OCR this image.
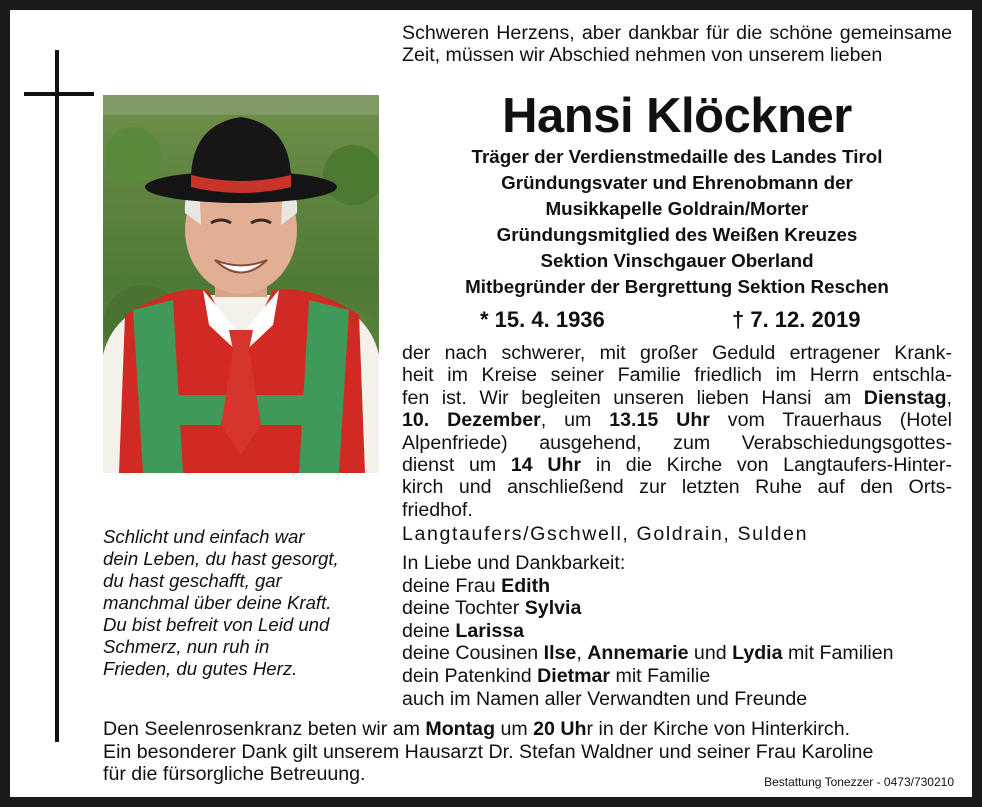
Schlicht und einfach war
dein Leben, du hast gesorgt,
du hast geschafft, gar
manchmal über deine Kraft.
Du bist befreit von Leid und
Schmerz, nun ruh in
Frieden, du gutes Herz.
Schweren Herzens, aber dankbar für die schöne gemeinsame Zeit, müssen wir Abschied nehmen von unserem lieben
Hansi Klöckner
Träger der Verdienstmedaille des Landes Tirol
Gründungsvater und Ehrenobmann der
Musikkapelle Goldrain/Morter
Gründungsmitglied des Weißen Kreuzes
Sektion Vinschgauer Oberland
Mitbegründer der Bergrettung Sektion Reschen
* 15. 4. 1936	† 7. 12. 2019
der nach schwerer, mit großer Geduld ertragener Krank-
heit im Kreise seiner Familie friedlich im Herrn entschla-
fen ist. Wir begleiten unseren lieben Hansi am Dienstag,
10. Dezember, um 13.15 Uhr vom Trauerhaus (Hotel
Alpenfriede) ausgehend, zum Verabschiedungsgottes-
dienst um 14 Uhr in die Kirche von Langtaufers-Hinter-
kirch und anschließend zur letzten Ruhe auf den Orts-
friedhof.
Langtaufers/Gschwell, Goldrain, Sulden
In Liebe und Dankbarkeit:
deine Frau Edith
deine Tochter Sylvia
deine Larissa
deine Cousinen Ilse, Annemarie und Lydia mit Familien
dein Patenkind Dietmar mit Familie
auch im Namen aller Verwandten und Freunde
Den Seelenrosenkranz beten wir am Montag um 20 Uhr in der Kirche von Hinterkirch.
Ein besonderer Dank gilt unserem Hausarzt Dr. Stefan Waldner und seiner Frau Karoline
für die fürsorgliche Betreuung.	Bestattung Tonezzer - 0473/730210
